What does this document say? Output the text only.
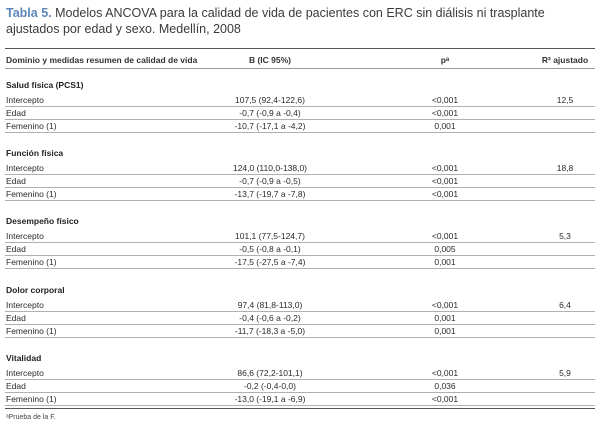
Tabla 5. Modelos ANCOVA para la calidad de vida de pacientes con ERC sin diálisis ni trasplante ajustados por edad y sexo. Medellín, 2008
Dominio y medidas resumen de calidad de vida	B (IC 95%)	pᵃ	R² ajustado
Salud física (PCS1)
Intercepto	107,5 (92,4-122,6)	<0,001	12,5
Edad	-0,7 (-0,9 a -0,4)	<0,001
Femenino (1)	-10,7 (-17,1 a -4,2)	0,001
Función física
Intercepto	124,0 (110,0-138,0)	<0,001	18,8
Edad	-0,7 (-0,9 a -0,5)	<0,001
Femenino (1)	-13,7 (-19,7 a -7,8)	<0,001
Desempeño físico
Intercepto	101,1 (77,5-124,7)	<0,001	5,3
Edad	-0,5 (-0,8 a -0,1)	0,005
Femenino (1)	-17,5 (-27,5 a -7,4)	0,001
Dolor corporal
Intercepto	97,4 (81,8-113,0)	<0,001	6,4
Edad	-0,4 (-0,6 a -0,2)	0,001
Femenino (1)	-11,7 (-18,3 a -5,0)	0,001
Vitalidad
Intercepto	86,6 (72,2-101,1)	<0,001	5,9
Edad	-0,2 (-0,4-0,0)	0,036
Femenino (1)	-13,0 (-19,1 a -6,9)	<0,001
ᵃPrueba de la F.
